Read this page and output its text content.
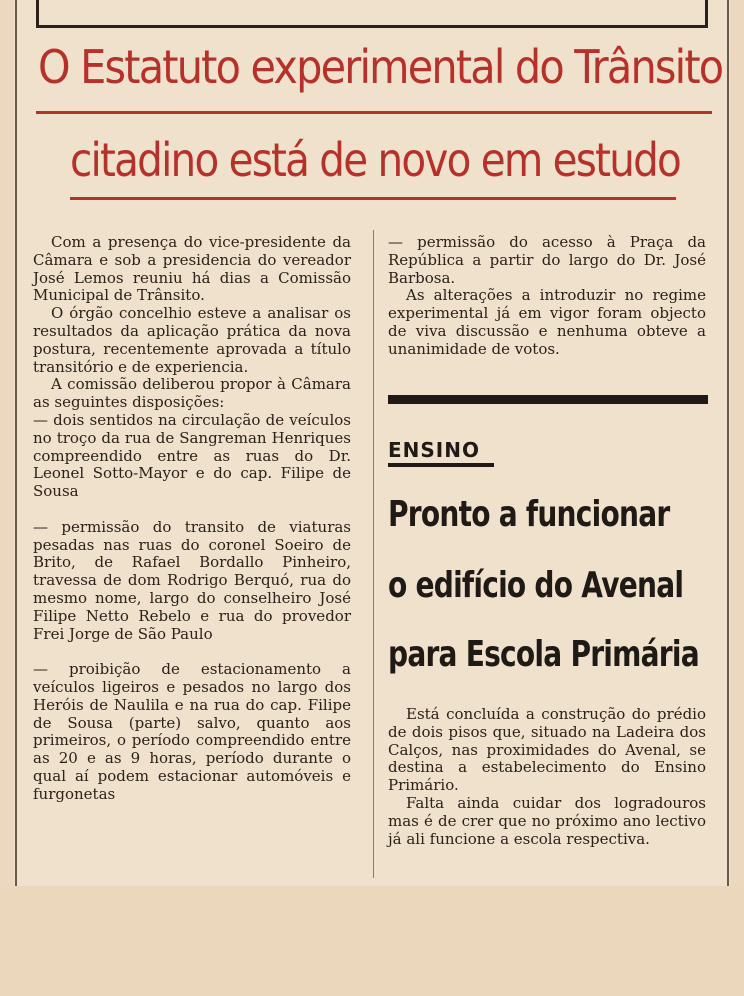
O Estatuto experimental do Trânsito
citadino está de novo em estudo

Com a presença do vice-presidente da Câmara e sob a presidencia do vereador José Lemos reuniu há dias a Comissão Municipal de Trânsito.

O órgão concelhio esteve a analisar os resultados da aplicação prática da nova postura, recentemente aprovada a título transitório e de experiencia.

A comissão deliberou propor à Câmara as seguintes disposições:

— dois sentidos na circulação de veículos no troço da rua de Sangreman Henriques compreendido entre as ruas do Dr. Leonel Sotto-Mayor e do cap. Filipe de Sousa

— permissão do transito de viaturas pesadas nas ruas do coronel Soeiro de Brito, de Rafael Bordallo Pinheiro, travessa de dom Rodrigo Berquó, rua do mesmo nome, largo do conselheiro José Filipe Netto Rebelo e rua do provedor Frei Jorge de São Paulo

— proibição de estacionamento a veículos ligeiros e pesados no largo dos Heróis de Naulila e na rua do cap. Filipe de Sousa (parte) salvo, quanto aos primeiros, o período compreendido entre as 20 e as 9 horas, período durante o qual aí podem estacionar automóveis e furgonetas

— permissão do acesso à Praça da República a partir do largo do Dr. José Barbosa.

As alterações a introduzir no regime experimental já em vigor foram objecto de viva discussão e nenhuma obteve a unanimidade de votos.

ENSINO
Pronto a funcionar
o edifício do Avenal
para Escola Primária

Está concluída a construção do prédio de dois pisos que, situado na Ladeira dos Calços, nas proximidades do Avenal, se destina a estabelecimento do Ensino Primário.

Falta ainda cuidar dos logradouros mas é de crer que no próximo ano lectivo já ali funcione a escola respectiva.
